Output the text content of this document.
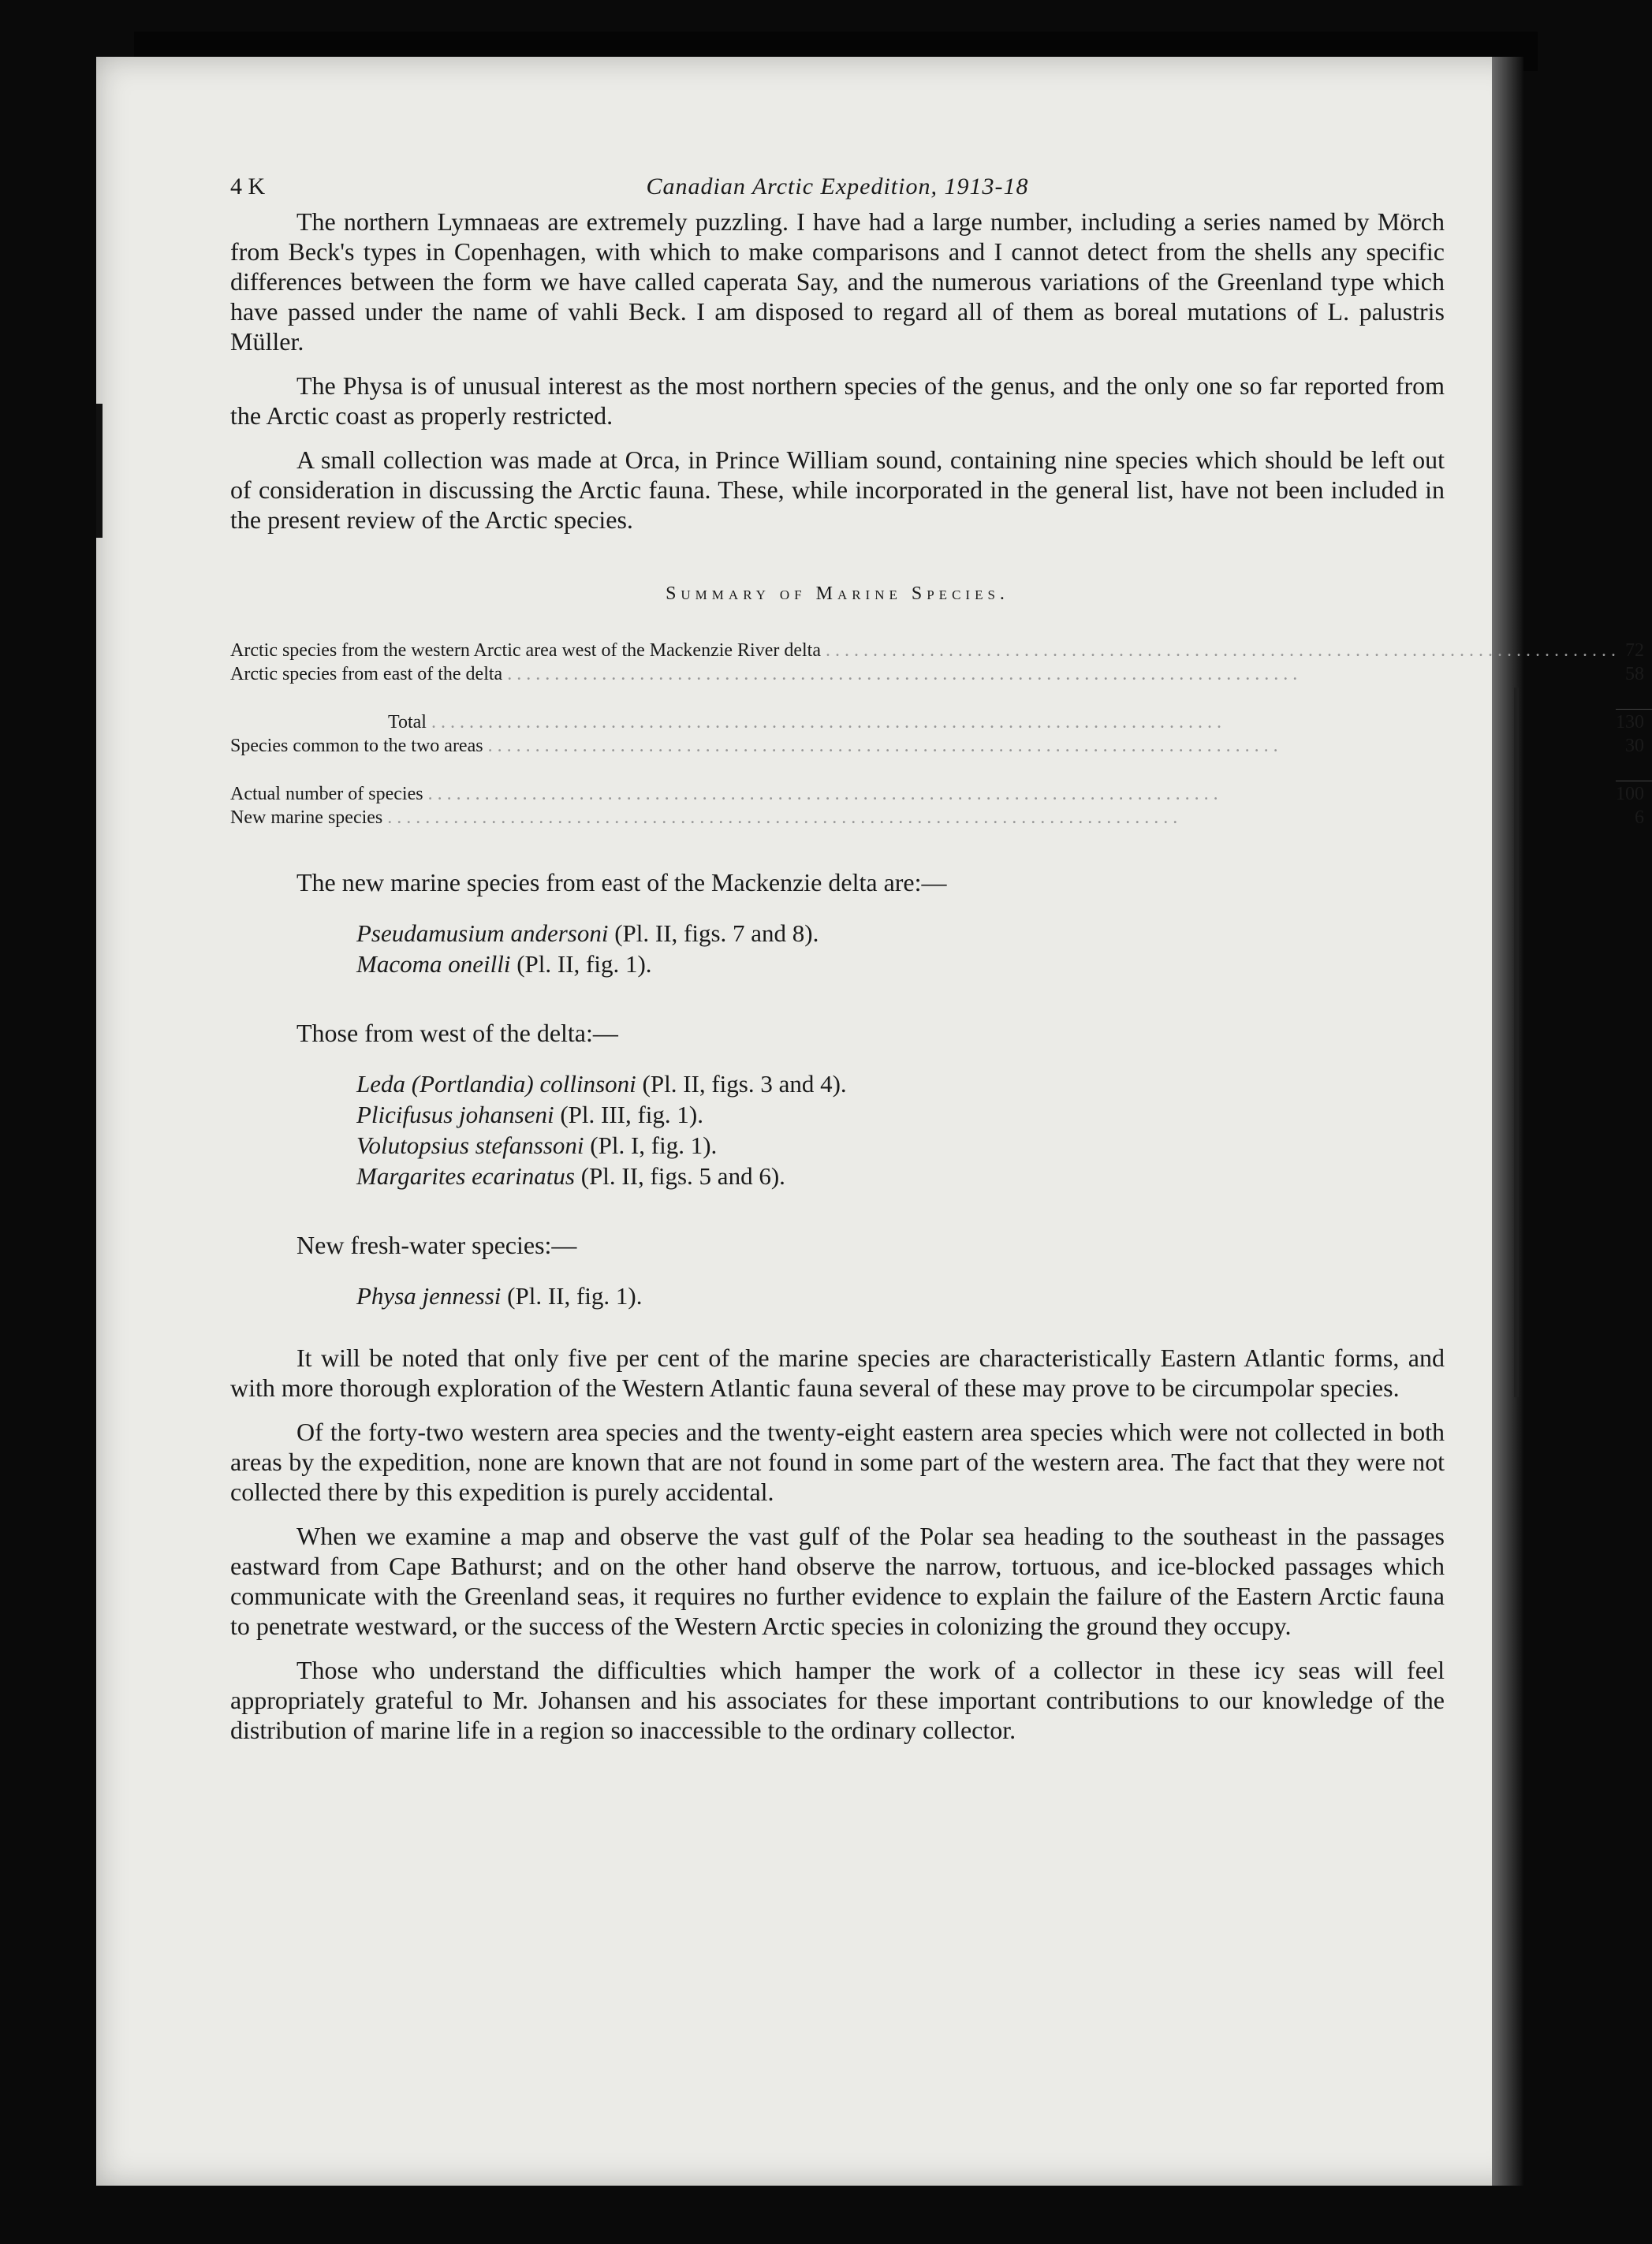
4 K	Canadian Arctic Expedition, 1913-18

The northern Lymnaeas are extremely puzzling. I have had a large number, including a series named by Mörch from Beck's types in Copenhagen, with which to make comparisons and I cannot detect from the shells any specific differences between the form we have called caperata Say, and the numerous variations of the Greenland type which have passed under the name of vahli Beck. I am disposed to regard all of them as boreal mutations of L. palustris Müller.

The Physa is of unusual interest as the most northern species of the genus, and the only one so far reported from the Arctic coast as properly restricted.

A small collection was made at Orca, in Prince William sound, containing nine species which should be left out of consideration in discussing the Arctic fauna. These, while incorporated in the general list, have not been included in the present review of the Arctic species.

Summary of Marine Species.
Arctic species from the western Arctic area west of the Mackenzie River delta . . .	72
Arctic species from east of the delta . . .	58

Total . . .	130
Species common to the two areas . . .	30

Actual number of species . . .	100
New marine species . . .	6
The new marine species from east of the Mackenzie delta are:—
Pseudamusium andersoni (Pl. II, figs. 7 and 8).
Macoma oneilli (Pl. II, fig. 1).
Those from west of the delta:—
Leda (Portlandia) collinsoni (Pl. II, figs. 3 and 4).
Plicifusus johanseni (Pl. III, fig. 1).
Volutopsius stefanssoni (Pl. I, fig. 1).
Margarites ecarinatus (Pl. II, figs. 5 and 6).
New fresh-water species:—
Physa jennessi (Pl. II, fig. 1).

It will be noted that only five per cent of the marine species are characteristically Eastern Atlantic forms, and with more thorough exploration of the Western Atlantic fauna several of these may prove to be circumpolar species.

Of the forty-two western area species and the twenty-eight eastern area species which were not collected in both areas by the expedition, none are known that are not found in some part of the western area. The fact that they were not collected there by this expedition is purely accidental.

When we examine a map and observe the vast gulf of the Polar sea heading to the southeast in the passages eastward from Cape Bathurst; and on the other hand observe the narrow, tortuous, and ice-blocked passages which communicate with the Greenland seas, it requires no further evidence to explain the failure of the Eastern Arctic fauna to penetrate westward, or the success of the Western Arctic species in colonizing the ground they occupy.

Those who understand the difficulties which hamper the work of a collector in these icy seas will feel appropriately grateful to Mr. Johansen and his associates for these important contributions to our knowledge of the distribution of marine life in a region so inaccessible to the ordinary collector.
